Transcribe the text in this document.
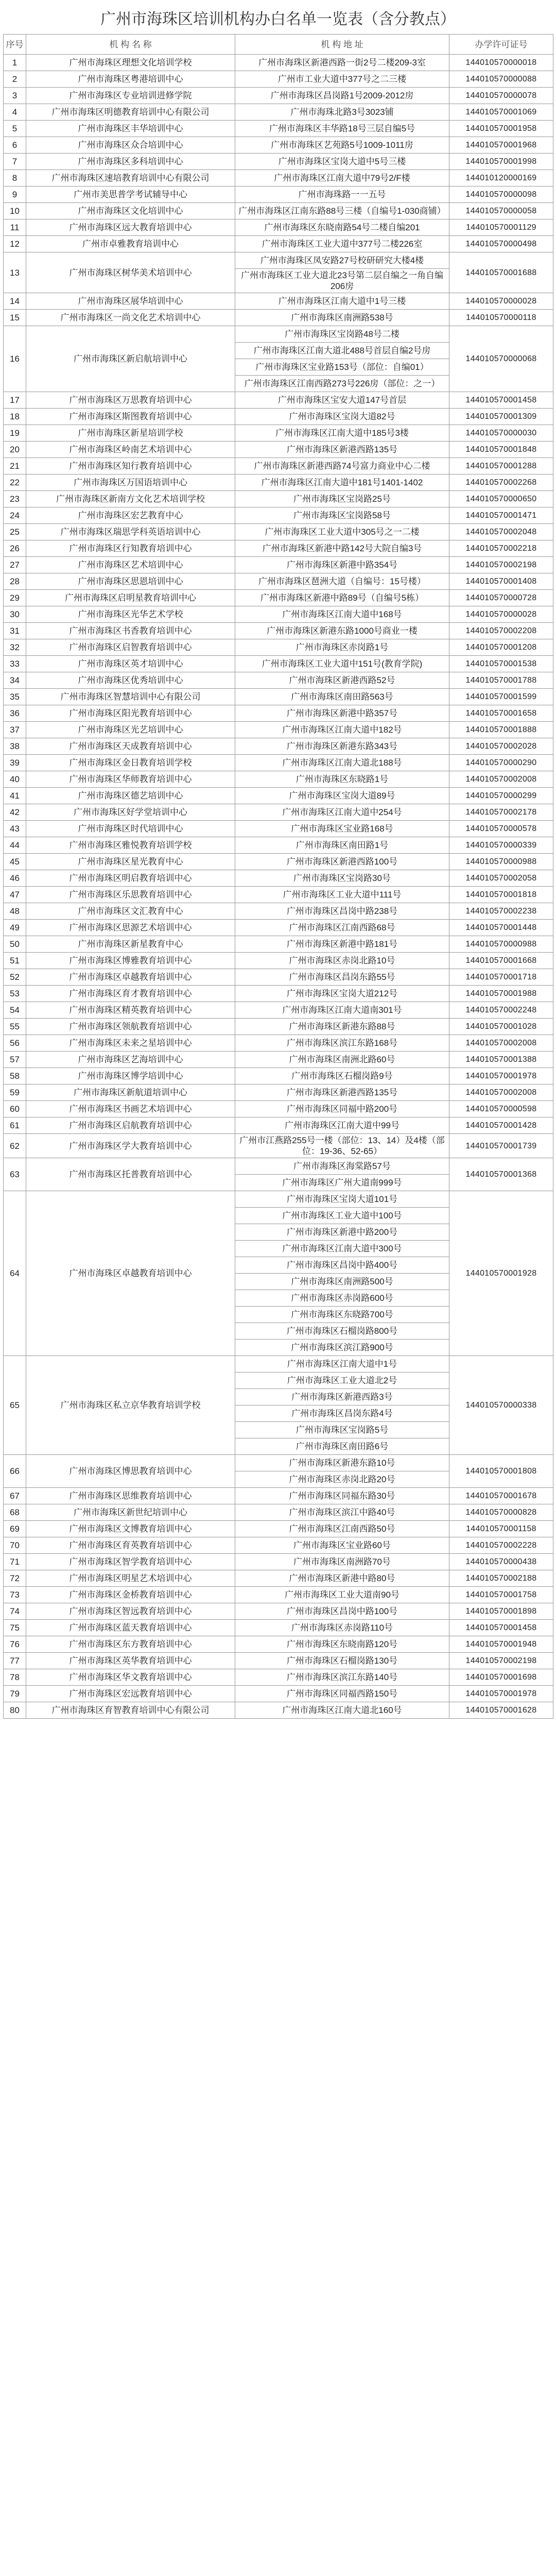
广州市海珠区培训机构办白名单一览表（含分教点）
序号	机 构 名 称	机 构 地 址	办学许可证号
1	广州市海珠区理想文化培训学校	广州市海珠区新港西路一街2号二楼209-3室	144010570000018
2	广州市海珠区粤港培训中心	广州市工业大道中377号之二三楼	144010570000088
3	广州市海珠区专业培训进修学院	广州市海珠区昌岗路1号2009-2012房	144010570000078
4	广州市海珠区明德教育培训中心有限公司	广州市海珠北路3号3023铺	144010570001069
5	广州市海珠区丰华培训中心	广州市海珠区丰华路18号三层自编5号	144010570001958
6	广州市海珠区众合培训中心	广州市海珠区艺苑路5号1009-1011房	144010570001968
7	广州市海珠区多科培训中心	广州市海珠区宝岗大道中5号三楼	144010570001998
8	广州市海珠区速培教育培训中心有限公司	广州市海珠区江南大道中79号2/F楼	144010120000169
9	广州市美思普学考试辅导中心	广州市海珠路一一五号	144010570000098
10	广州市海珠区文化培训中心	广州市海珠区江南东路88号三楼（自编号1-030商铺）	144010570000058
11	广州市海珠区远大教育培训中心	广州市海珠区东晓南路54号二楼自编201	144010570001129
12	广州市卓雅教育培训中心	广州市海珠区工业大道中377号二楼226室	144010570000498
13	广州市海珠区树华美术培训中心	广州市海珠区凤安路27号校研研究大楼4楼	144010570001688
		广州市海珠区工业大道北23号第二层自编之一角自编206房	
14	广州市海珠区展华培训中心	广州市海珠区江南大道中1号三楼	144010570000028
15	广州市海珠区一尚文化艺术培训中心	广州市海珠区南洲路538号	144010570000118
16	广州市海珠区新启航培训中心	广州市海珠区宝岗路48号二楼	144010570000068
		广州市海珠区江南大道北488号首层自编2号房	
		广州市海珠区宝业路153号（部位：自编01）	
		广州市海珠区江南西路273号226房（部位：之一）	
17	广州市海珠区万思教育培训中心	广州市海珠区宝安大道147号首层	144010570001458
18	广州市海珠区斯图教育培训中心	广州市海珠区宝岗大道82号	144010570001309
19	广州市海珠区新星培训学校	广州市海珠区江南大道中185号3楼	144010570000030
20	广州市海珠区岭南艺术培训中心	广州市海珠区新港西路135号	144010570001848
21	广州市海珠区知行教育培训中心	广州市海珠区新港西路74号富力商业中心二楼	144010570001288
22	广州市海珠区万国语培训中心	广州市海珠区江南大道中181号1401-1402	144010570002268
23	广州市海珠区新南方文化艺术培训学校	广州市海珠区宝岗路25号	144010570000650
24	广州市海珠区宏艺教育中心	广州市海珠区宝岗路58号	144010570001471
25	广州市海珠区瑞思学科英语培训中心	广州市海珠区工业大道中305号之一二楼	144010570002048
26	广州市海珠区行知教育培训中心	广州市海珠区新港中路142号大院自编3号	144010570002218
27	广州市海珠区艺术培训中心	广州市海珠区新港中路354号	144010570002198
28	广州市海珠区思恩培训中心	广州市海珠区琶洲大道（自编号：15号楼）	144010570001408
29	广州市海珠区启明星教育培训中心	广州市海珠区新港中路89号（自编号5栋）	144010570000728
30	广州市海珠区光华艺术学校	广州市海珠区江南大道中168号	144010570000028
31	广州市海珠区书香教育培训中心	广州市海珠区新港东路1000号商业一楼	144010570002208
32	广州市海珠区启智教育培训中心	广州市海珠区赤岗路1号	144010570001208
33	广州市海珠区英才培训中心	广州市海珠区工业大道中151号(教育学院)	144010570001538
34	广州市海珠区优秀培训中心	广州市海珠区新港西路52号	144010570001788
35	广州市海珠区智慧培训中心有限公司	广州市海珠区南田路563号	144010570001599
36	广州市海珠区阳光教育培训中心	广州市海珠区新港中路357号	144010570001658
37	广州市海珠区光艺培训中心	广州市海珠区江南大道中182号	144010570001888
38	广州市海珠区天成教育培训中心	广州市海珠区新港东路343号	144010570002028
39	广州市海珠区金日教育培训学校	广州市海珠区江南大道北188号	144010570000290
40	广州市海珠区华师教育培训中心	广州市海珠区东晓路1号	144010570002008
41	广州市海珠区德艺培训中心	广州市海珠区宝岗大道89号	144010570000299
42	广州市海珠区好学堂培训中心	广州市海珠区江南大道中254号	144010570002178
43	广州市海珠区时代培训中心	广州市海珠区宝业路168号	144010570000578
44	广州市海珠区雅悦教育培训学校	广州市海珠区南田路1号	144010570000339
45	广州市海珠区星光教育中心	广州市海珠区新港西路100号	144010570000988
46	广州市海珠区明启教育培训中心	广州市海珠区宝岗路30号	144010570002058
47	广州市海珠区乐思教育培训中心	广州市海珠区工业大道中111号	144010570001818
48	广州市海珠区文汇教育中心	广州市海珠区昌岗中路238号	144010570002238
49	广州市海珠区思源艺术培训中心	广州市海珠区江南西路68号	144010570001448
50	广州市海珠区新星教育中心	广州市海珠区新港中路181号	144010570000988
51	广州市海珠区博雅教育培训中心	广州市海珠区赤岗北路10号	144010570001668
52	广州市海珠区卓越教育培训中心	广州市海珠区昌岗东路55号	144010570001718
53	广州市海珠区育才教育培训中心	广州市海珠区宝岗大道212号	144010570001988
54	广州市海珠区精英教育培训中心	广州市海珠区江南大道南301号	144010570002248
55	广州市海珠区领航教育培训中心	广州市海珠区新港东路88号	144010570001028
56	广州市海珠区未来之星培训中心	广州市海珠区滨江东路168号	144010570002008
57	广州市海珠区艺海培训中心	广州市海珠区南洲北路60号	144010570001388
58	广州市海珠区博学培训中心	广州市海珠区石榴岗路9号	144010570001978
59	广州市海珠区新航道培训中心	广州市海珠区新港西路135号	144010570002008
60	广州市海珠区书画艺术培训中心	广州市海珠区同福中路200号	144010570000598
61	广州市海珠区启航教育培训中心	广州市海珠区江南大道中99号	144010570001428
62	广州市海珠区学大教育培训中心	广州市江燕路255号一楼（部位：13、14）及4楼（部位：19-36、52-65）	144010570001739
63	广州市海珠区托普教育培训中心	广州市海珠区海棠路57号	144010570001368
		广州市海珠区广州大道南999号	
64	广州市海珠区卓越教育培训中心	广州市海珠区宝岗大道101号	144010570001928
		广州市海珠区工业大道中100号	
		广州市海珠区新港中路200号	
		广州市海珠区江南大道中300号	
		广州市海珠区昌岗中路400号	
		广州市海珠区南洲路500号	
		广州市海珠区赤岗路600号	
		广州市海珠区东晓路700号	
		广州市海珠区石榴岗路800号	
		广州市海珠区滨江路900号	
65	广州市海珠区私立京华教育培训学校	广州市海珠区江南大道中1号	144010570000338
		广州市海珠区工业大道北2号	
		广州市海珠区新港西路3号	
		广州市海珠区昌岗东路4号	
		广州市海珠区宝岗路5号	
		广州市海珠区南田路6号	
66	广州市海珠区博思教育培训中心	广州市海珠区新港东路10号	144010570001808
		广州市海珠区赤岗北路20号	
67	广州市海珠区思维教育培训中心	广州市海珠区同福东路30号	144010570001678
68	广州市海珠区新世纪培训中心	广州市海珠区滨江中路40号	144010570000828
69	广州市海珠区文博教育培训中心	广州市海珠区江南西路50号	144010570001158
70	广州市海珠区育英教育培训中心	广州市海珠区宝业路60号	144010570002228
71	广州市海珠区智学教育培训中心	广州市海珠区南洲路70号	144010570000438
72	广州市海珠区明星艺术培训中心	广州市海珠区新港中路80号	144010570002188
73	广州市海珠区金桥教育培训中心	广州市海珠区工业大道南90号	144010570001758
74	广州市海珠区智远教育培训中心	广州市海珠区昌岗中路100号	144010570001898
75	广州市海珠区蓝天教育培训中心	广州市海珠区赤岗路110号	144010570001458
76	广州市海珠区东方教育培训中心	广州市海珠区东晓南路120号	144010570001948
77	广州市海珠区英华教育培训中心	广州市海珠区石榴岗路130号	144010570002198
78	广州市海珠区华文教育培训中心	广州市海珠区滨江东路140号	144010570001698
79	广州市海珠区宏远教育培训中心	广州市海珠区同福西路150号	144010570001978
80	广州市海珠区育智教育培训中心有限公司	广州市海珠区江南大道北160号	144010570001628
